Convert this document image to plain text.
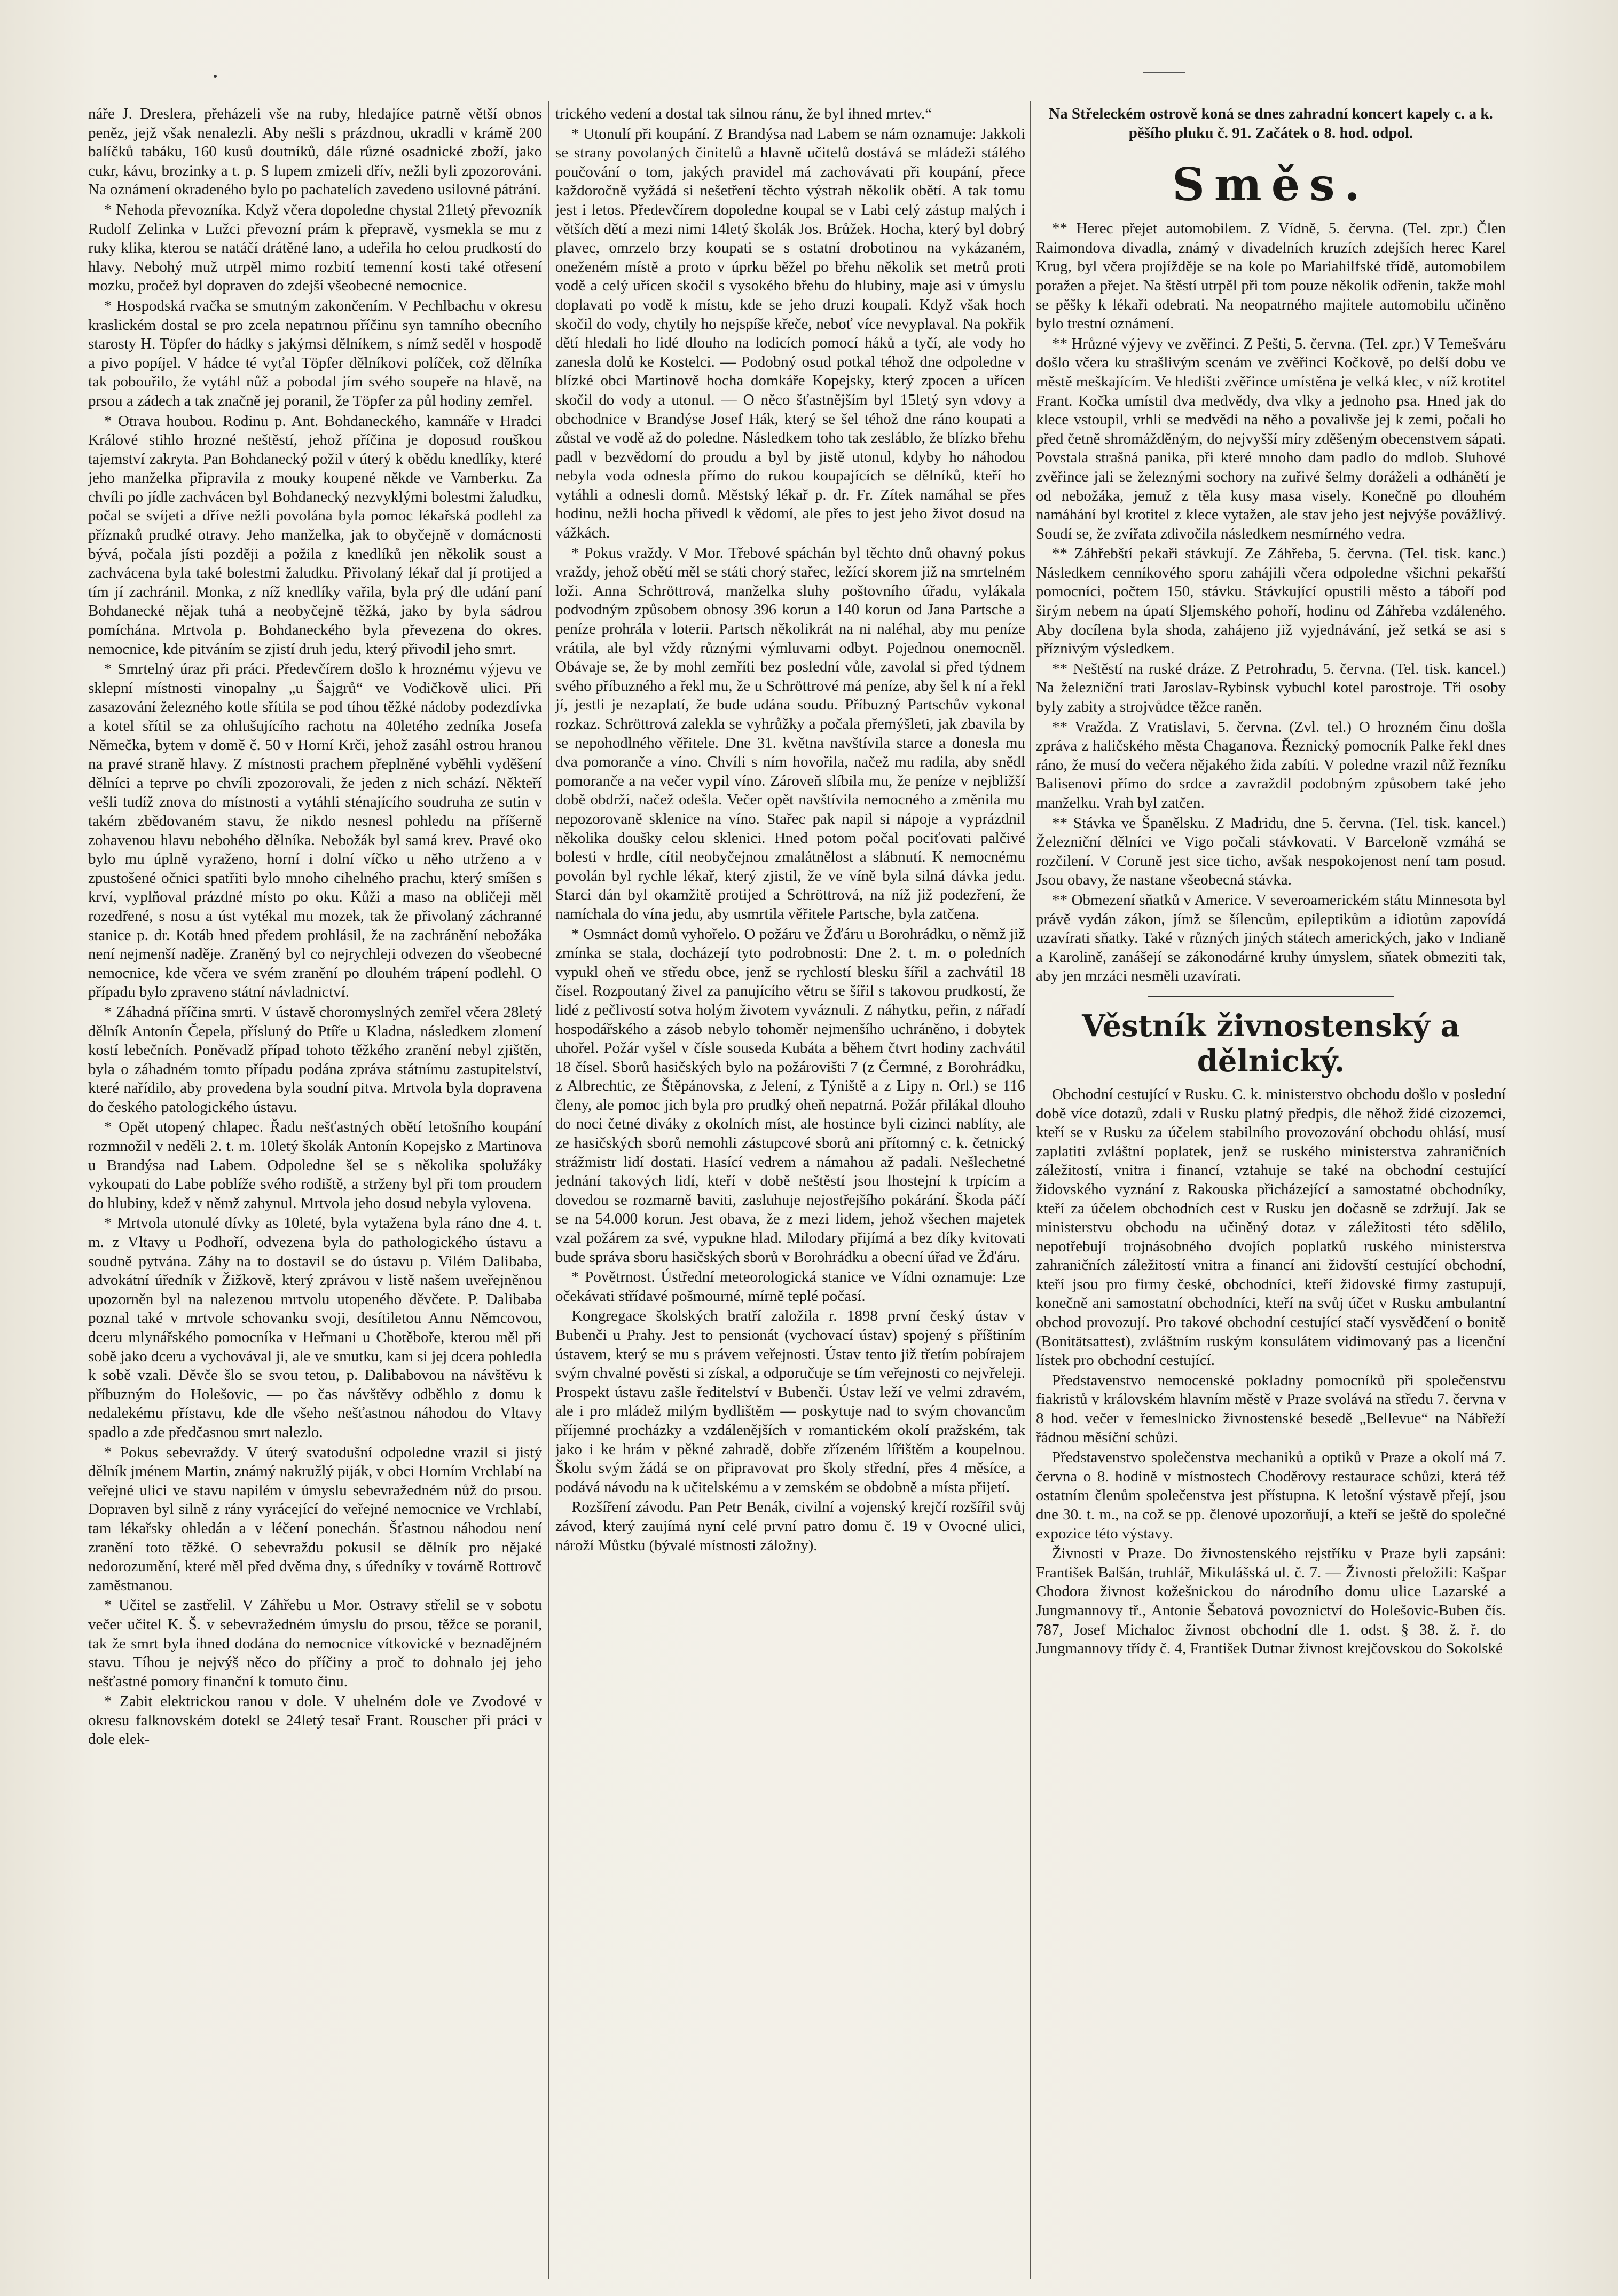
náře J. Dreslera, přeházeli vše na ruby, hledajíce patrně větší obnos peněz, jejž však nenalezli. Aby nešli s prázdnou, ukradli v krámě 200 balíčků tabáku, 160 kusů doutníků, dále různé osadnické zboží, jako cukr, kávu, brozinky a t. p. S lupem zmizeli dřív, nežli byli zpozorováni. Na oznámení okradeného bylo po pachatelích zavedeno usilovné pátrání.

* Nehoda převozníka. Když včera dopoledne chystal 21letý převozník Rudolf Zelinka v Lužci převozní prám k přepravě, vysmekla se mu z ruky klika, kterou se natáčí drátěné lano, a udeřila ho celou prudkostí do hlavy. Nebohý muž utrpěl mimo rozbití temenní kosti také otřesení mozku, pročež byl dopraven do zdejší všeobecné nemocnice.

* Hospodská rvačka se smutným zakončením. V Pechlbachu v okresu kraslickém dostal se pro zcela nepatrnou příčinu syn tamního obecního starosty H. Töpfer do hádky s jakýmsi dělníkem, s nímž seděl v hospodě a pivo popíjel. V hádce té vyťal Töpfer dělníkovi políček, což dělníka tak pobouřilo, že vytáhl nůž a pobodal jím svého soupeře na hlavě, na prsou a zádech a tak značně jej poranil, že Töpfer za půl hodiny zemřel.

* Otrava houbou. Rodinu p. Ant. Bohdaneckého, kamnáře v Hradci Králové stihlo hrozné neštěstí, jehož příčina je doposud rouškou tajemství zakryta. Pan Bohdanecký požil v úterý k obědu knedlíky, které jeho manželka připravila z mouky koupené někde ve Vamberku. Za chvíli po jídle zachvácen byl Bohdanecký nezvyklými bolestmi žaludku, počal se svíjeti a dříve nežli povolána byla pomoc lékařská podlehl za příznaků prudké otravy. Jeho manželka, jak to obyčejně v domácnosti bývá, počala jísti později a požila z knedlíků jen několik soust a zachvácena byla také bolestmi žaludku. Přivolaný lékař dal jí protijed a tím jí zachránil. Monka, z níž knedlíky vařila, byla prý dle udání paní Bohdanecké nějak tuhá a neobyčejně těžká, jako by byla sádrou pomíchána. Mrtvola p. Bohdaneckého byla převezena do okres. nemocnice, kde pitváním se zjistí druh jedu, který přivodil jeho smrt.

* Smrtelný úraz při práci. Předevčírem došlo k hroznému výjevu ve sklepní místnosti vinopalny „u Šajgrů“ ve Vodičkově ulici. Při zasazování železného kotle sřítila se pod tíhou těžké nádoby podezdívka a kotel sřítil se za ohlušujícího rachotu na 40letého zedníka Josefa Němečka, bytem v domě č. 50 v Horní Krči, jehož zasáhl ostrou hranou na pravé straně hlavy. Z místnosti prachem přeplněné vyběhli vyděšení dělníci a teprve po chvíli zpozorovali, že jeden z nich schází. Někteří vešli tudíž znova do místnosti a vytáhli sténajícího soudruha ze sutin v takém zbědovaném stavu, že nikdo nesnesl pohledu na příšerně zohavenou hlavu nebohého dělníka. Nebožák byl samá krev. Pravé oko bylo mu úplně vyraženo, horní i dolní víčko u něho utrženo a v zpustošené očnici spatřiti bylo mnoho cihelného prachu, který smíšen s krví, vyplňoval prázdné místo po oku. Kůži a maso na obličeji měl rozedřené, s nosu a úst vytékal mu mozek, tak že přivolaný záchranné stanice p. dr. Kotáb hned předem prohlásil, že na zachránění nebožáka není nejmenší naděje. Zraněný byl co nejrychleji odvezen do všeobecné nemocnice, kde včera ve svém zranění po dlouhém trápení podlehl. O případu bylo zpraveno státní návladnictví.

* Záhadná příčina smrti. V ústavě choromyslných zemřel včera 28letý dělník Antonín Čepela, přísluný do Ptíře u Kladna, následkem zlomení kostí lebečních. Poněvadž případ tohoto těžkého zranění nebyl zjištěn, byla o záhadném tomto případu podána zpráva státnímu zastupitelství, které nařídilo, aby provedena byla soudní pitva. Mrtvola byla dopravena do českého patologického ústavu.

* Opět utopený chlapec. Řadu nešťastných obětí letošního koupání rozmnožil v neděli 2. t. m. 10letý školák Antonín Kopejsko z Martinova u Brandýsa nad Labem. Odpoledne šel se s několika spolužáky vykoupati do Labe poblíže svého rodiště, a strženy byl při tom proudem do hlubiny, kdež v němž zahynul. Mrtvola jeho dosud nebyla vylovena.

* Mrtvola utonulé dívky as 10leté, byla vytažena byla ráno dne 4. t. m. z Vltavy u Podhoří, odvezena byla do pathologického ústavu a soudně pytvána. Záhy na to dostavil se do ústavu p. Vilém Dalibaba, advokátní úředník v Žižkově, který zprávou v listě našem uveřejněnou upozorněn byl na nalezenou mrtvolu utopeného děvčete. P. Dalibaba poznal také v mrtvole schovanku svoji, desítiletou Annu Němcovou, dceru mlynářského pomocníka v Heřmani u Chotěboře, kterou měl při sobě jako dceru a vychovával ji, ale ve smutku, kam si jej dcera pohledla k sobě vzali. Děvče šlo se svou tetou, p. Dalibabovou na návštěvu k příbuzným do Holešovic, — po čas návštěvy odběhlo z domu k nedalekému přístavu, kde dle všeho nešťastnou náhodou do Vltavy spadlo a zde předčasnou smrt nalezlo.

* Pokus sebevraždy. V úterý svatodušní odpoledne vrazil si jistý dělník jménem Martin, známý nakružlý piják, v obci Horním Vrchlabí na veřejné ulici ve stavu napilém v úmyslu sebevražedném nůž do prsou. Dopraven byl silně z rány vyrácející do veřejné nemocnice ve Vrchlabí, tam lékařsky ohledán a v léčení ponechán. Šťastnou náhodou není zranění toto těžké. O sebevraždu pokusil se dělník pro nějaké nedorozumění, které měl před dvěma dny, s úředníky v továrně Rottrovč zaměstnanou.

* Učitel se zastřelil. V Záhřebu u Mor. Ostravy střelil se v sobotu večer učitel K. Š. v sebevražedném úmyslu do prsou, těžce se poranil, tak že smrt byla ihned dodána do nemocnice vítkovické v beznadějném stavu. Tíhou je nejvýš něco do příčiny a proč to dohnalo jej jeho nešťastné pomory finanční k tomuto činu.

* Zabit elektrickou ranou v dole. V uhelném dole ve Zvodové v okresu falknovském dotekl se 24letý tesař Frant. Rouscher při práci v dole elek-

trického vedení a dostal tak silnou ránu, že byl ihned mrtev.“

* Utonulí při koupání. Z Brandýsa nad Labem se nám oznamuje: Jakkoli se strany povolaných činitelů a hlavně učitelů dostává se mládeži stálého poučování o tom, jakých pravidel má zachovávati při koupání, přece každoročně vyžádá si nešetření těchto výstrah několik obětí. A tak tomu jest i letos. Předevčírem dopoledne koupal se v Labi celý zástup malých i větších dětí a mezi nimi 14letý školák Jos. Brůžek. Hocha, který byl dobrý plavec, omrzelo brzy koupati se s ostatní drobotinou na vykázaném, oneženém místě a proto v úprku běžel po břehu několik set metrů proti vodě a celý uřícen skočil s vysokého břehu do hlubiny, maje asi v úmyslu doplavati po vodě k místu, kde se jeho druzi koupali. Když však hoch skočil do vody, chytily ho nejspíše křeče, neboť více nevyplaval. Na pokřik dětí hledali ho lidé dlouho na lodicích pomocí háků a tyčí, ale vody ho zanesla dolů ke Kostelci. — Podobný osud potkal téhož dne odpoledne v blízké obci Martinově hocha domkáře Kopejsky, který zpocen a uřícen skočil do vody a utonul. — O něco šťastnějším byl 15letý syn vdovy a obchodnice v Brandýse Josef Hák, který se šel téhož dne ráno koupati a zůstal ve vodě až do poledne. Následkem toho tak zesláblo, že blízko břehu padl v bezvědomí do proudu a byl by jistě utonul, kdyby ho náhodou nebyla voda odnesla přímo do rukou koupajících se dělníků, kteří ho vytáhli a odnesli domů. Městský lékař p. dr. Fr. Zítek namáhal se přes hodinu, nežli hocha přivedl k vědomí, ale přes to jest jeho život dosud na vážkách.

* Pokus vraždy. V Mor. Třebové spáchán byl těchto dnů ohavný pokus vraždy, jehož obětí měl se státi chorý stařec, ležící skorem již na smrtelném loži. Anna Schröttrová, manželka sluhy poštovního úřadu, vylákala podvodným způsobem obnosy 396 korun a 140 korun od Jana Partsche a peníze prohrála v loterii. Partsch několikrát na ni naléhal, aby mu peníze vrátila, ale byl vždy různými výmluvami odbyt. Pojednou onemocněl. Obávaje se, že by mohl zemříti bez poslední vůle, zavolal si před týdnem svého příbuzného a řekl mu, že u Schröttrové má peníze, aby šel k ní a řekl jí, jestli je nezaplatí, že bude udána soudu. Příbuzný Partschův vykonal rozkaz. Schröttrová zalekla se vyhrůžky a počala přemýšleti, jak zbavila by se nepohodlného věřitele. Dne 31. května navštívila starce a donesla mu dva pomoranče a víno. Chvíli s ním hovořila, načež mu radila, aby snědl pomoranče a na večer vypil víno. Zároveň slíbila mu, že peníze v nejbližší době obdrží, načež odešla. Večer opět navštívila nemocného a změnila mu nepozorovaně sklenice na víno. Stařec pak napil si nápoje a vyprázdnil několika doušky celou sklenici. Hned potom počal pociťovati palčivé bolesti v hrdle, cítil neobyčejnou zmalátnělost a slábnutí. K nemocnému povolán byl rychle lékař, který zjistil, že ve víně byla silná dávka jedu. Starci dán byl okamžitě protijed a Schröttrová, na níž již podezření, že namíchala do vína jedu, aby usmrtila věřitele Partsche, byla zatčena.

* Osmnáct domů vyhořelo. O požáru ve Žďáru u Borohrádku, o němž již zmínka se stala, docházejí tyto podrobnosti: Dne 2. t. m. o poledních vypukl oheň ve středu obce, jenž se rychlostí blesku šířil a zachvátil 18 čísel. Rozpoutaný živel za panujícího větru se šířil s takovou prudkostí, že lidé z pečlivostí sotva holým životem vyváznuli. Z náhytku, peřin, z nářadí hospodářského a zásob nebylo tohoměr nejmenšího uchráněno, i dobytek uhořel. Požár vyšel v čísle souseda Kubáta a během čtvrt hodiny zachvátil 18 čísel. Sborů hasičských bylo na požárovišti 7 (z Čermné, z Borohrádku, z Albrechtic, ze Štěpánovska, z Jelení, z Týniště a z Lipy n. Orl.) se 116 členy, ale pomoc jich byla pro prudký oheň nepatrná. Požár přilákal dlouho do noci četné diváky z okolních míst, ale hostince byli cizinci nablíty, ale ze hasičských sborů nemohli zástupcové sborů ani přítomný c. k. četnický strážmistr lidí dostati. Hasící vedrem a námahou až padali. Nešlechetné jednání takových lidí, kteří v době neštěstí jsou lhostejní k trpícím a dovedou se rozmarně baviti, zasluhuje nejostřejšího pokárání. Škoda páčí se na 54.000 korun. Jest obava, že z mezi lidem, jehož všechen majetek vzal požárem za své, vypukne hlad. Milodary přijímá a bez díky kvitovati bude správa sboru hasičských sborů v Borohrádku a obecní úřad ve Žďáru.

* Povětrnost. Ústřední meteorologická stanice ve Vídni oznamuje: Lze očekávati střídavé pošmourné, mírně teplé počasí.

Kongregace školských bratří založila r. 1898 první český ústav v Bubenči u Prahy. Jest to pensionát (vychovací ústav) spojený s příštiním ústavem, který se mu s právem veřejnosti. Ústav tento již třetím pobírajem svým chvalné pověsti si získal, a odporučuje se tím veřejnosti co nejvřeleji. Prospekt ústavu zašle ředitelství v Bubenči. Ústav leží ve velmi zdravém, ale i pro mládež milým bydlištěm — poskytuje nad to svým chovancům příjemné procházky a vzdálenějších v romantickém okolí pražském, tak jako i ke hrám v pěkné zahradě, dobře zřízeném lířištěm a koupelnou. Školu svým žádá se on připravovat pro školy střední, přes 4 měsíce, a podává návodu na k učitelskému a v zemském se obdobně a místa přijetí.

Rozšíření závodu. Pan Petr Benák, civilní a vojenský krejčí rozšířil svůj závod, který zaujímá nyní celé první patro domu č. 19 v Ovocné ulici, nároží Můstku (bývalé místnosti záložny).

Na Střeleckém ostrově koná se dnes zahradní koncert kapely c. a k. pěšího pluku č. 91. Začátek o 8. hod. odpol.

Směs.

** Herec přejet automobilem. Z Vídně, 5. června. (Tel. zpr.) Člen Raimondova divadla, známý v divadelních kruzích zdejších herec Karel Krug, byl včera projížděje se na kole po Mariahilfské třídě, automobilem poražen a přejet. Na štěstí utrpěl při tom pouze několik odřenin, takže mohl se pěšky k lékaři odebrati. Na neopatrného majitele automobilu učiněno bylo trestní oznámení.

** Hrůzné výjevy ve zvěřinci. Z Pešti, 5. června. (Tel. zpr.) V Temešváru došlo včera ku strašlivým scenám ve zvěřinci Kočkově, po delší dobu ve městě meškajícím. Ve hledišti zvěřince umístěna je velká klec, v níž krotitel Frant. Kočka umístil dva medvědy, dva vlky a jednoho psa. Hned jak do klece vstoupil, vrhli se medvědi na něho a povalivše jej k zemi, počali ho před četně shromážděným, do nejvyšší míry zděšeným obecenstvem sápati. Povstala strašná panika, při které mnoho dam padlo do mdlob. Sluhové zvěřince jali se železnými sochory na zuřivé šelmy doráželi a odhánětí je od nebožáka, jemuž z těla kusy masa visely. Konečně po dlouhém namáhání byl krotitel z klece vytažen, ale stav jeho jest nejvýše povážlivý. Soudí se, že zvířata zdivočila následkem nesmírného vedra.

** Záhřebští pekaři stávkují. Ze Záhřeba, 5. června. (Tel. tisk. kanc.) Následkem cenníkového sporu zahájili včera odpoledne všichni pekařští pomocníci, počtem 150, stávku. Stávkující opustili město a táboří pod širým nebem na úpatí Sljemského pohoří, hodinu od Záhřeba vzdáleného. Aby docílena byla shoda, zahájeno již vyjednávání, jež setká se asi s příznivým výsledkem.

** Neštěstí na ruské dráze. Z Petrohradu, 5. června. (Tel. tisk. kancel.) Na železniční trati Jaroslav-Rybinsk vybuchl kotel parostroje. Tři osoby byly zabity a strojvůdce těžce raněn.

** Vražda. Z Vratislavi, 5. června. (Zvl. tel.) O hrozném činu došla zpráva z haličského města Chaganova. Řeznický pomocník Palke řekl dnes ráno, že musí do večera nějakého žida zabíti. V poledne vrazil nůž řezníku Balisenovi přímo do srdce a zavraždil podobným způsobem také jeho manželku. Vrah byl zatčen.

** Stávka ve Španělsku. Z Madridu, dne 5. června. (Tel. tisk. kancel.) Železniční dělníci ve Vigo počali stávkovati. V Barceloně vzmáhá se rozčilení. V Coruně jest sice ticho, avšak nespokojenost není tam posud. Jsou obavy, že nastane všeobecná stávka.

** Obmezení sňatků v Americe. V severoamerickém státu Minnesota byl právě vydán zákon, jímž se šílencům, epileptikům a idiotům zapovídá uzavírati sňatky. Také v různých jiných státech amerických, jako v Indianě a Karolině, zanášejí se zákonodárné kruhy úmyslem, sňatek obmeziti tak, aby jen mrzáci nesměli uzavírati.

Věstník živnostenský a dělnický.

Obchodní cestující v Rusku. C. k. ministerstvo obchodu došlo v poslední době více dotazů, zdali v Rusku platný předpis, dle něhož židé cizozemci, kteří se v Rusku za účelem stabilního provozování obchodu ohlásí, musí zaplatiti zvláštní poplatek, jenž se ruského ministerstva zahraničních záležitostí, vnitra i financí, vztahuje se také na obchodní cestující židovského vyznání z Rakouska přicházející a samostatné obchodníky, kteří za účelem obchodních cest v Rusku jen dočasně se zdržují. Jak se ministerstvu obchodu na učiněný dotaz v záležitosti této sdělilo, nepotřebují trojnásobného dvojích poplatků ruského ministerstva zahraničních záležitostí vnitra a financí ani židovští cestující obchodní, kteří jsou pro firmy české, obchodníci, kteří židovské firmy zastupují, konečně ani samostatní obchodníci, kteří na svůj účet v Rusku ambulantní obchod provozují. Pro takové obchodní cestující stačí vysvědčení o bonitě (Bonitätsattest), zvláštním ruským konsulátem vidimovaný pas a licenční lístek pro obchodní cestující.

Představenstvo nemocenské pokladny pomocníků při společenstvu fiakristů v královském hlavním městě v Praze svolává na středu 7. června v 8 hod. večer v řemeslnicko živnostenské besedě „Bellevue“ na Nábřeží řádnou měsíční schůzi.

Představenstvo společenstva mechaniků a optiků v Praze a okolí má 7. června o 8. hodině v místnostech Choděrovy restaurace schůzi, která též ostatním členům společenstva jest přístupna. K letošní výstavě přejí, jsou dne 30. t. m., na což se pp. členové upozorňují, a kteří se ještě do společné expozice této výstavy.

Živnosti v Praze. Do živnostenského rejstříku v Praze byli zapsáni: František Balšán, truhlář, Mikulášská ul. č. 7. — Živnosti přeložili: Kašpar Chodora živnost kožešnickou do národního domu ulice Lazarské a Jungmannovy tř., Antonie Šebatová povoznictví do Holešovic-Buben čís. 787, Josef Michaloc živnost obchodní dle 1. odst. § 38. ž. ř. do Jungmannovy třídy č. 4, František Dutnar živnost krejčovskou do Sokolské
